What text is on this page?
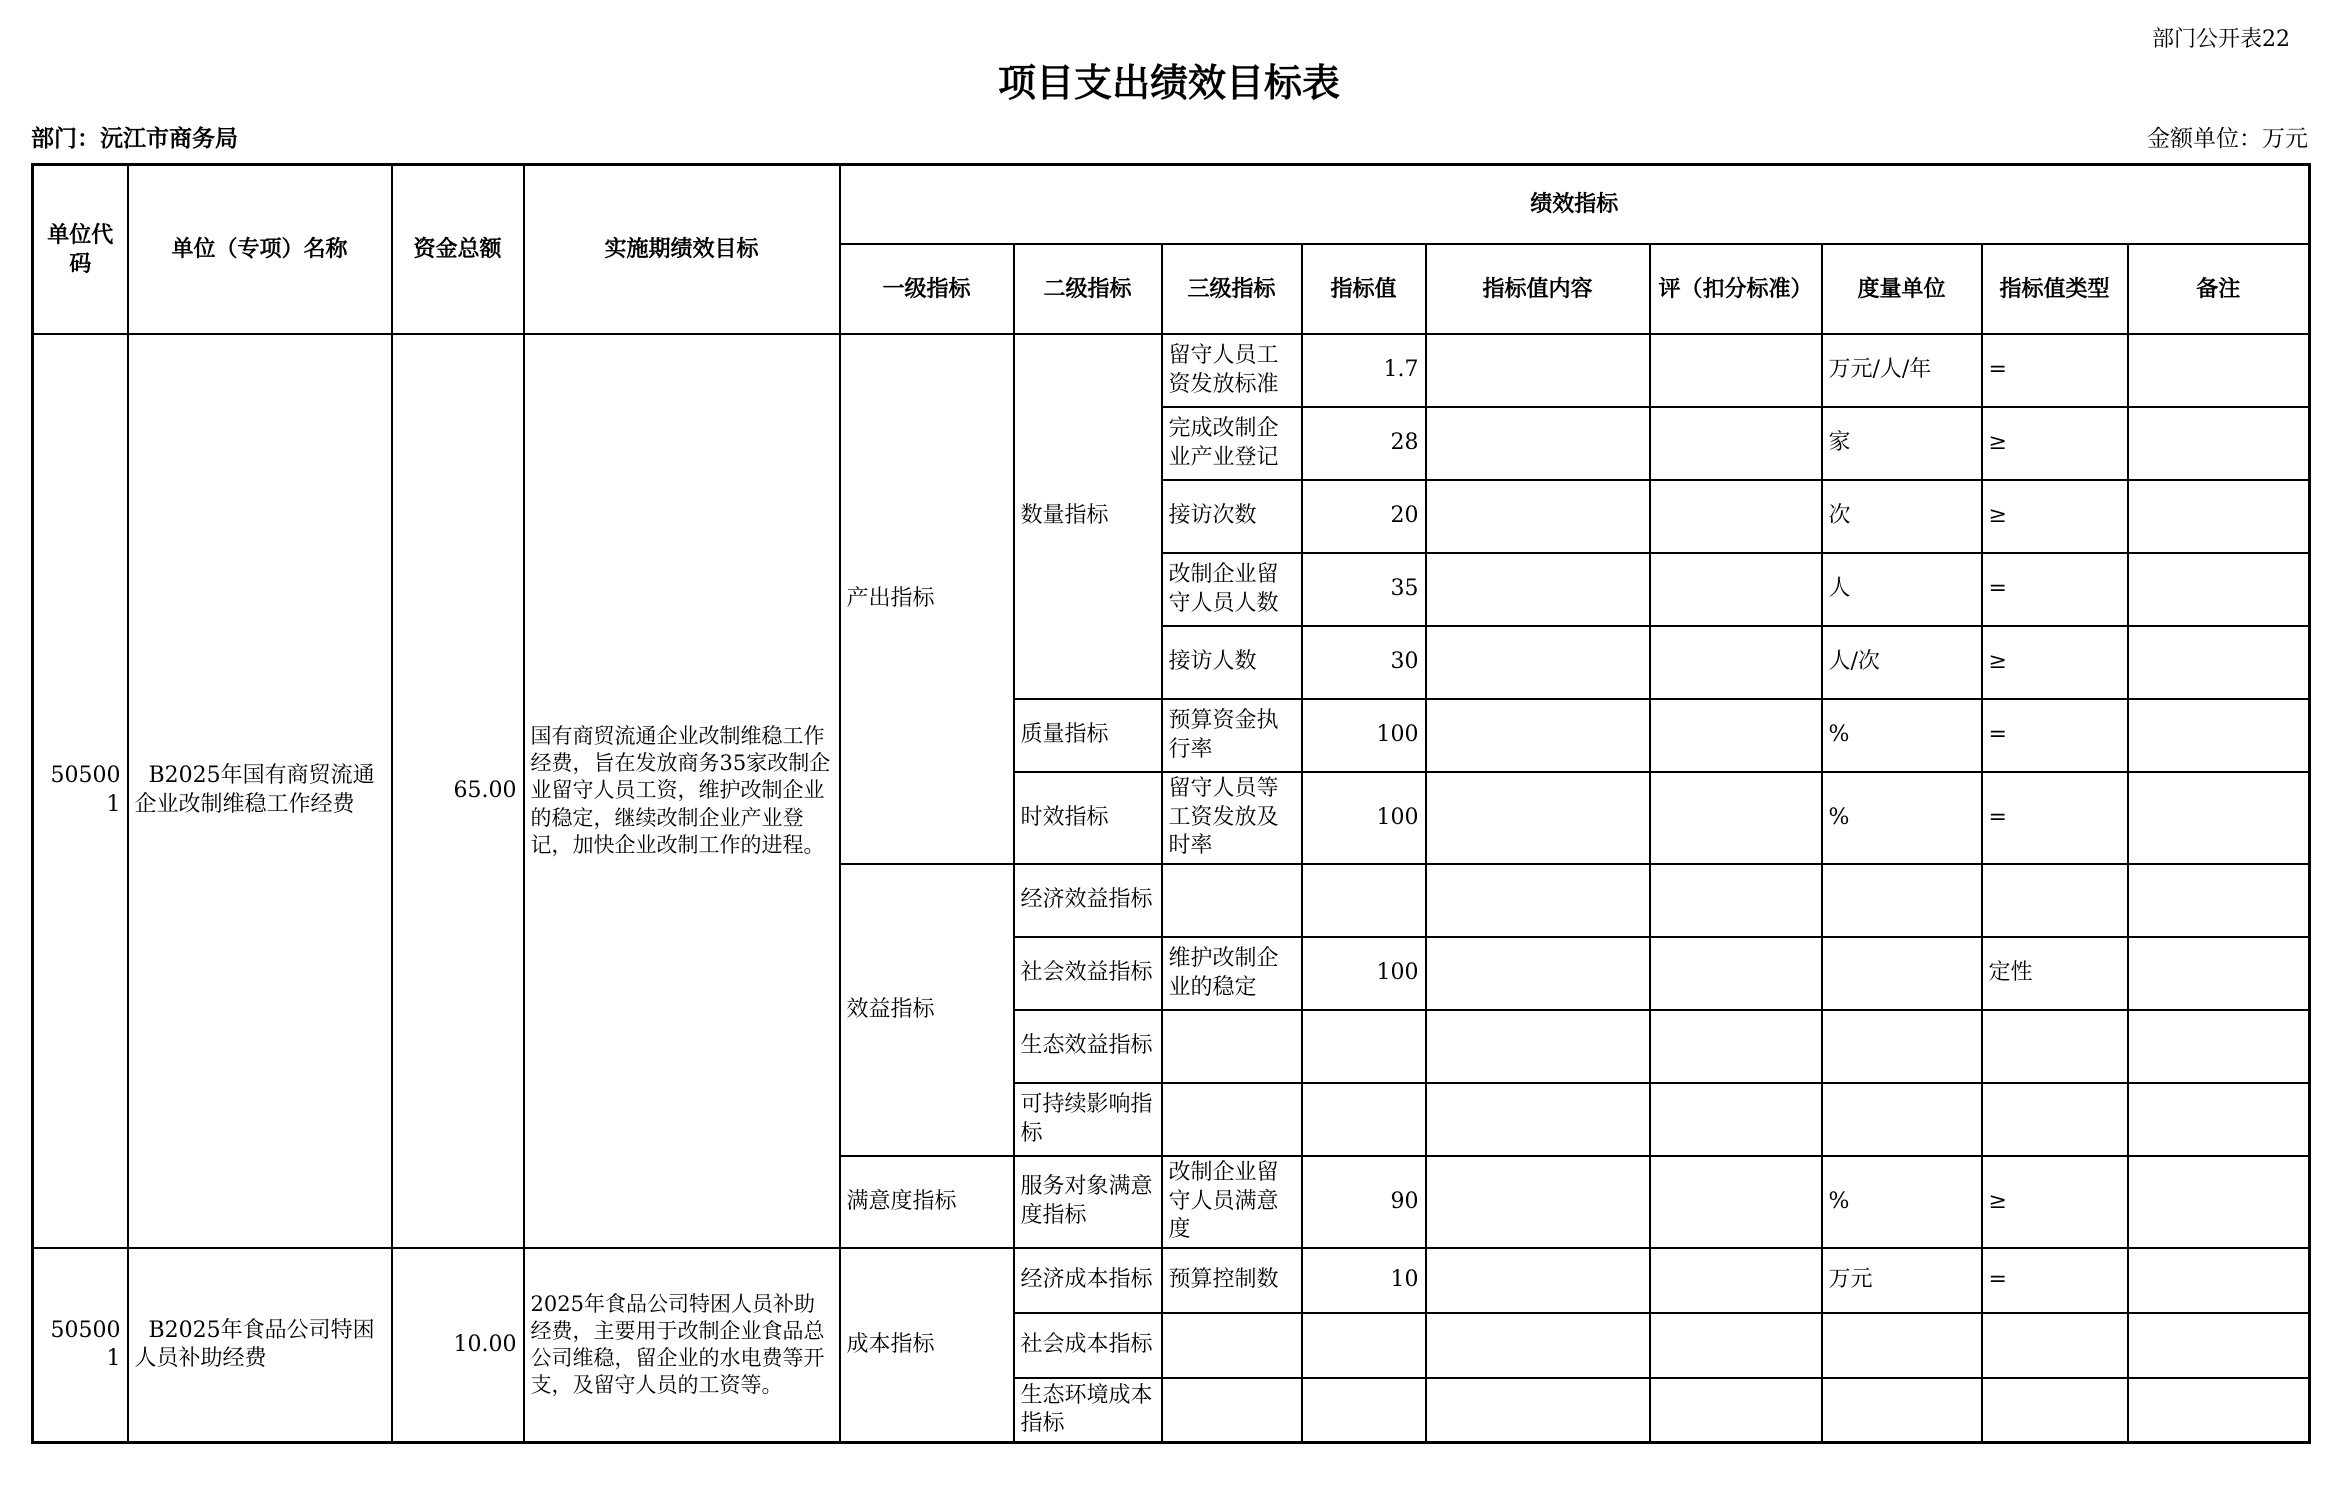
部门公开表22
项目支出绩效目标表
部门：沅江市商务局	金额单位：万元
单位代码	单位（专项）名称	资金总额	实施期绩效目标	绩效指标								
				一级指标	二级指标	三级指标	指标值	指标值内容	评（扣分标准）	度量单位	指标值类型	备注
505001	B2025年国有商贸流通企业改制维稳工作经费	65.00	国有商贸流通企业改制维稳工作经费，旨在发放商务35家改制企业留守人员工资，维护改制企业的稳定，继续改制企业产业登记，加快企业改制工作的进程。	产出指标	数量指标	留守人员工资发放标准	1.7			万元/人/年	=	
						完成改制企业产业登记	28			家	≥	
						接访次数	20			次	≥	
						改制企业留守人员人数	35			人	=	
						接访人数	30			人/次	≥	
					质量指标	预算资金执行率	100			%	=	
					时效指标	留守人员等工资发放及时率	100			%	=	
				效益指标	经济效益指标							
					社会效益指标	维护改制企业的稳定	100				定性	
					生态效益指标							
					可持续影响指标							
				满意度指标	服务对象满意度指标	改制企业留守人员满意度	90			%	≥	
505001	B2025年食品公司特困人员补助经费	10.00	2025年食品公司特困人员补助经费，主要用于改制企业食品总公司维稳，留企业的水电费等开支，及留守人员的工资等。	成本指标	经济成本指标	预算控制数	10			万元	=	
					社会成本指标							
					生态环境成本指标							
